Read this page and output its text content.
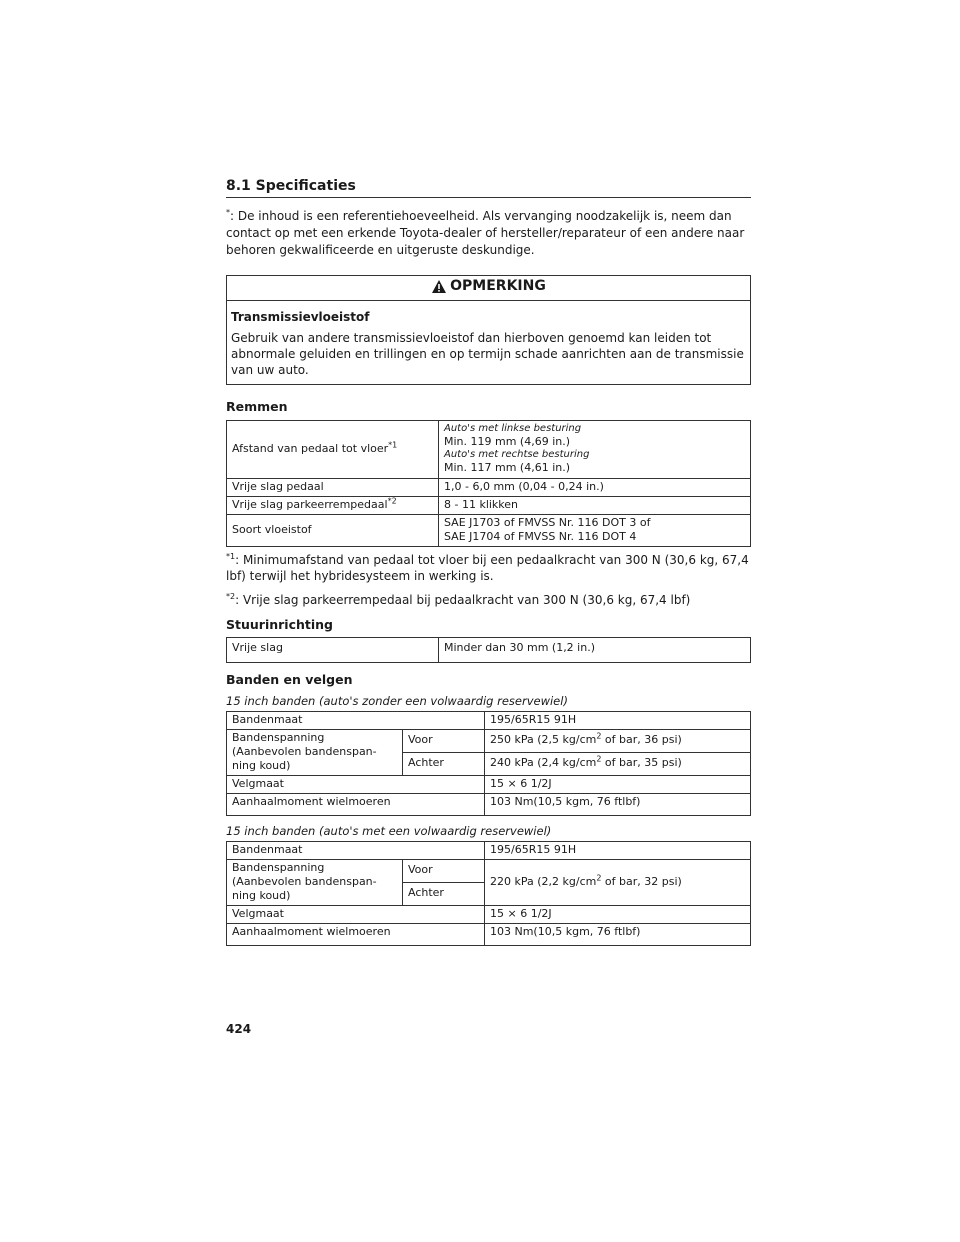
8.1 Specificaties

*: De inhoud is een referentiehoeveelheid. Als vervanging noodzakelijk is, neem dan contact op met een erkende Toyota-dealer of hersteller/reparateur of een andere naar behoren gekwalificeerde en uitgeruste deskundige.

OPMERKING

Transmissievloeistof

Gebruik van andere transmissievloeistof dan hierboven genoemd kan leiden tot abnormale geluiden en trillingen en op termijn schade aanrichten aan de transmissie van uw auto.

Remmen

Afstand van pedaal tot vloer$^{*1}$	Auto's met linkse besturing
Min. 119 mm (4,69 in.)
Auto's met rechtse besturing
Min. 117 mm (4,61 in.)

Vrije slag pedaal	1,0 - 6,0 mm (0,04 - 0,24 in.)
Vrije slag parkeerrempedaal$^{*2}$	8 - 11 klikken
Soort vloeistof	SAE J1703 of FMVSS Nr. 116 DOT 3 of
SAE J1704 of FMVSS Nr. 116 DOT 4

$^{*1}$: Minimumafstand van pedaal tot vloer bij een pedaalkracht van 300 N (30,6 kg, 67,4 lbf) terwijl het hybridesysteem in werking is.

$^{*2}$: Vrije slag parkeerrempedaal bij pedaalkracht van 300 N (30,6 kg, 67,4 lbf)

Stuurinrichting

Vrije slag	Minder dan 30 mm (1,2 in.)

Banden en velgen

15 inch banden (auto's zonder een volwaardig reservewiel)

Bandenmaat		195/65R15 91H
Bandenspanning (Aanbevolen bandenspan-ning koud)	Voor	250 kPa (2,5 $kg/cm^2$ of bar, 36 psi)
	Achter	240 kPa (2,4 $kg/cm^2$ of bar, 35 psi)
Velgmaat		15 × 6 1/2J
Aanhaalmoment wielmoeren		103 Nm(10,5 kgm, 76 ftlbf)

15 inch banden (auto's met een volwaardig reservewiel)

Bandenmaat		195/65R15 91H
Bandenspanning (Aanbevolen bandenspan-ning koud)	Voor	220 kPa (2,2 $kg/cm^2$ of bar, 32 psi)
	Achter	
Velgmaat		15 × 6 1/2J
Aanhaalmoment wielmoeren		103 Nm(10,5 kgm, 76 ftlbf)
424
